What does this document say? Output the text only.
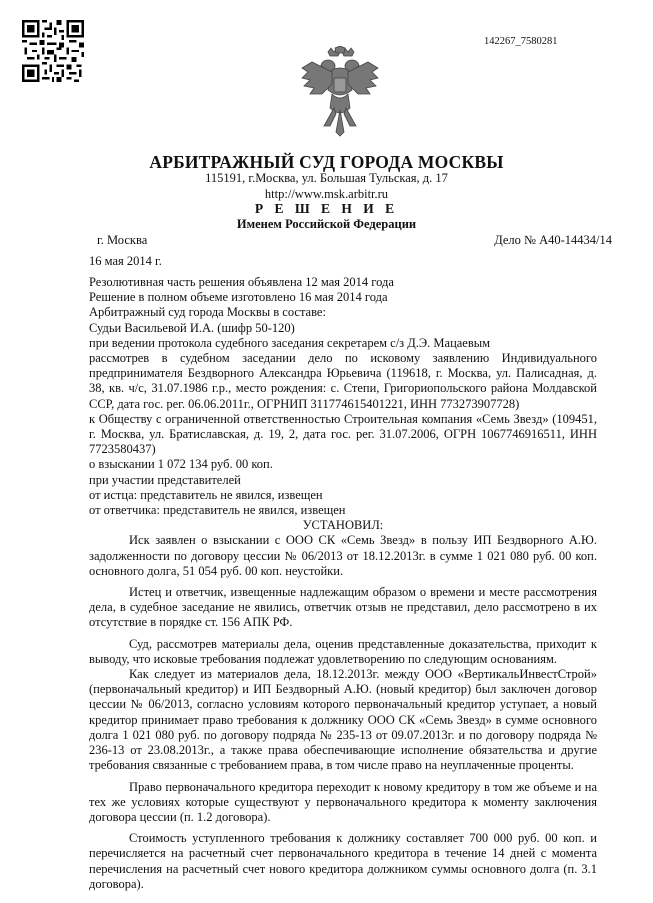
142267_7580281
АРБИТРАЖНЫЙ СУД ГОРОДА МОСКВЫ
115191, г.Москва, ул. Большая Тульская, д. 17
http://www.msk.arbitr.ru
Р Е Ш Е Н И Е
Именем Российской Федерации
г. Москва	Дело № А40-14434/14
16 мая 2014 г.

Резолютивная часть решения объявлена 12 мая 2014 года

Решение в полном объеме изготовлено 16 мая 2014 года

Арбитражный суд города Москвы в составе:

Судьи Васильевой И.А. (шифр 50-120)

при ведении протокола судебного заседания секретарем с/з Д.Э. Мацаевым

рассмотрев в судебном заседании дело по исковому заявлению Индивидуального предпринимателя Бездворного Александра Юрьевича (119618, г. Москва, ул. Палисадная, д. 38, кв. ч/с, 31.07.1986 г.р., место рождения: с. Степи, Григориопольского района Молдавской ССР, дата гос. рег. 06.06.2011г., ОГРНИП 311774615401221, ИНН 773273907728)

к Обществу с ограниченной ответственностью Строительная компания «Семь Звезд» (109451, г. Москва, ул. Братиславская, д. 19, 2, дата гос. рег. 31.07.2006, ОГРН 1067746916511, ИНН 7723580437)

о взыскании 1 072 134 руб. 00 коп.

при участии представителей

от истца: представитель не явился, извещен

от ответчика: представитель не явился, извещен

УСТАНОВИЛ:

Иск заявлен о взыскании с ООО СК «Семь Звезд» в пользу ИП Бездворного А.Ю. задолженности по договору цессии № 06/2013 от 18.12.2013г. в сумме 1 021 080 руб. 00 коп. основного долга, 51 054 руб. 00 коп. неустойки.

Истец и ответчик, извещенные надлежащим образом о времени и месте рассмотрения дела, в судебное заседание не явились, ответчик отзыв не представил, дело рассмотрено в их отсутствие в порядке ст. 156 АПК РФ.

Суд, рассмотрев материалы дела, оценив представленные доказательства, приходит к выводу, что исковые требования подлежат удовлетворению по следующим основаниям.

Как следует из материалов дела, 18.12.2013г. между ООО «ВертикальИнвестСтрой» (первоначальный кредитор) и ИП Бездворный А.Ю. (новый кредитор) был заключен договор цессии № 06/2013, согласно условиям которого первоначальный кредитор уступает, а новый кредитор принимает право требования к должнику ООО СК «Семь Звезд» в сумме основного долга 1 021 080 руб. по договору подряда № 235-13 от 09.07.2013г. и по договору подряда № 236-13 от 23.08.2013г., а также права обеспечивающие исполнение обязательства и другие требования связанные с требованием права, в том числе право на неуплаченные проценты.

Право первоначального кредитора переходит к новому кредитору в том же объеме и на тех же условиях которые существуют у первоначального кредитора к моменту заключения договора цессии (п. 1.2 договора).

Стоимость уступленного требования к должнику составляет 700 000 руб. 00 коп. и перечисляется на расчетный счет первоначального кредитора в течение 14 дней с момента перечисления на расчетный счет нового кредитора должником суммы основного долга (п. 3.1 договора).
